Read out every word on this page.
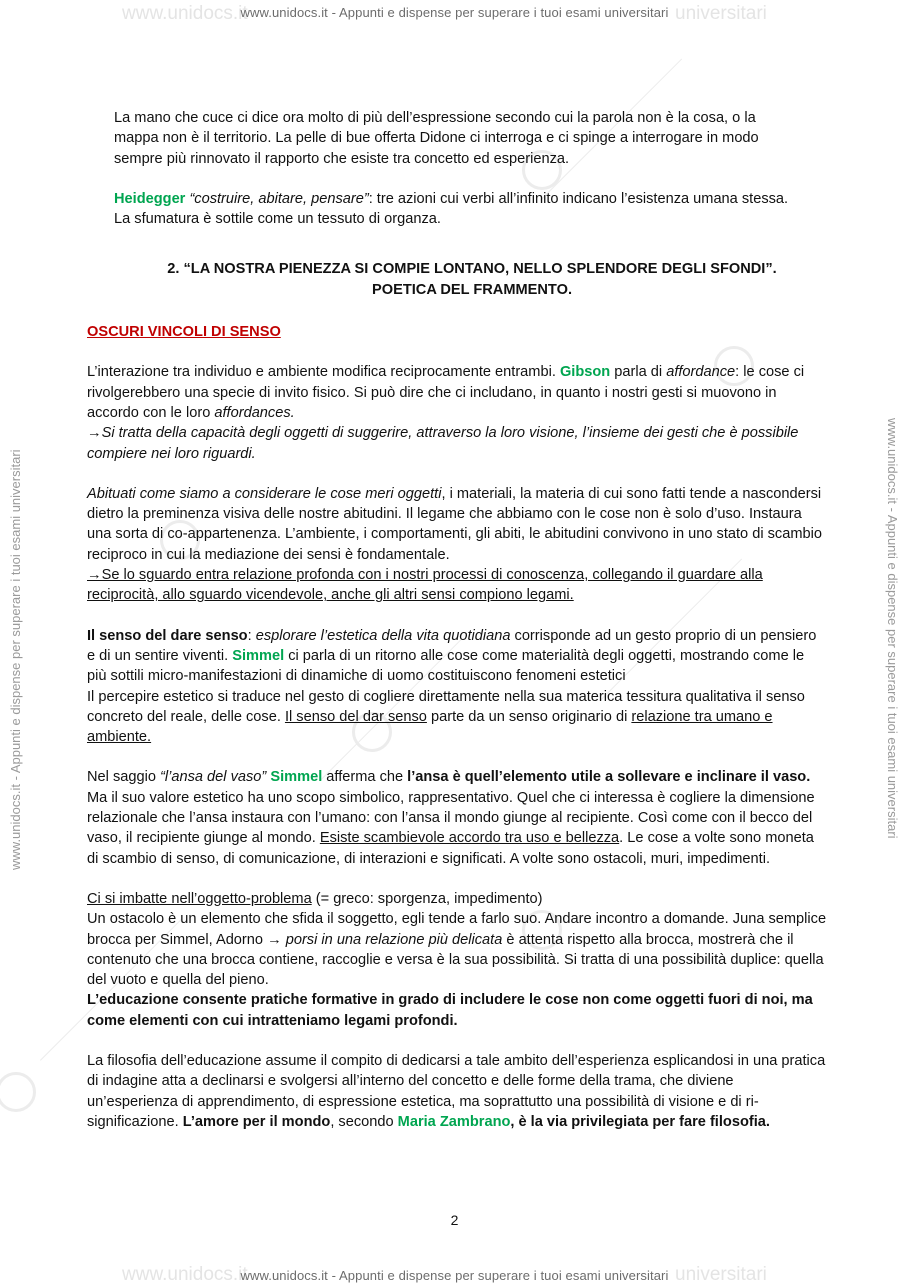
www.unidocs.it	universitari
www.unidocs.it - Appunti e dispense per superare i tuoi esami universitari
www.unidocs.it	universitari
www.unidocs.it - Appunti e dispense per superare i tuoi esami universitari
www.unidocs.it - Appunti e dispense per superare i tuoi esami universitari	www.unidocs.it - Appunti e dispense per superare i tuoi esami universitari

La mano che cuce ci dice ora molto di più dell’espressione secondo cui la parola non è la cosa, o la mappa non è il territorio. La pelle di bue offerta Didone ci interroga e ci spinge a interrogare in modo sempre più rinnovato il rapporto che esiste tra concetto ed esperienza.

Heidegger “costruire, abitare, pensare”: tre azioni cui verbi all’infinito indicano l’esistenza umana stessa. La sfumatura è sottile come un tessuto di organza.

2. “LA NOSTRA PIENEZZA SI COMPIE LONTANO, NELLO SPLENDORE DEGLI SFONDI”.
POETICA DEL FRAMMENTO.

OSCURI VINCOLI DI SENSO

L’interazione tra individuo e ambiente modifica reciprocamente entrambi. Gibson parla di affordance: le cose ci rivolgerebbero una specie di invito fisico. Si può dire che ci includano, in quanto i nostri gesti si muovono in accordo con le loro affordances.
→Si tratta della capacità degli oggetti di suggerire, attraverso la loro visione, l’insieme dei gesti che è possibile compiere nei loro riguardi.

Abituati come siamo a considerare le cose meri oggetti, i materiali, la materia di cui sono fatti tende a nascondersi dietro la preminenza visiva delle nostre abitudini. Il legame che abbiamo con le cose non è solo d’uso. Instaura una sorta di co-appartenenza. L’ambiente, i comportamenti, gli abiti, le abitudini convivono in uno stato di scambio reciproco in cui la mediazione dei sensi è fondamentale.
→Se lo sguardo entra relazione profonda con i nostri processi di conoscenza, collegando il guardare alla reciprocità, allo sguardo vicendevole, anche gli altri sensi compiono legami.

Il senso del dare senso: esplorare l’estetica della vita quotidiana corrisponde ad un gesto proprio di un pensiero e di un sentire viventi. Simmel ci parla di un ritorno alle cose come materialità degli oggetti, mostrando come le più sottili micro-manifestazioni di dinamiche di uomo costituiscono fenomeni estetici
Il percepire estetico si traduce nel gesto di cogliere direttamente nella sua materica tessitura qualitativa il senso concreto del reale, delle cose. Il senso del dar senso parte da un senso originario di relazione tra umano e ambiente.

Nel saggio “l’ansa del vaso” Simmel afferma che l’ansa è quell’elemento utile a sollevare e inclinare il vaso. Ma il suo valore estetico ha uno scopo simbolico, rappresentativo. Quel che ci interessa è cogliere la dimensione relazionale che l’ansa instaura con l’umano: con l’ansa il mondo giunge al recipiente. Così come con il becco del vaso, il recipiente giunge al mondo. Esiste scambievole accordo tra uso e bellezza. Le cose a volte sono moneta di scambio di senso, di comunicazione, di interazioni e significati. A volte sono ostacoli, muri, impedimenti.

Ci si imbatte nell’oggetto-problema (= greco: sporgenza, impedimento)
Un ostacolo è un elemento che sfida il soggetto, egli tende a farlo suo. Andare incontro a domande. Juna semplice brocca per Simmel, Adorno → porsi in una relazione più delicata è attenta rispetto alla brocca, mostrerà che il contenuto che una brocca contiene, raccoglie e versa è la sua possibilità. Si tratta di una possibilità duplice: quella del vuoto e quella del pieno.
L’educazione consente pratiche formative in grado di includere le cose non come oggetti fuori di noi, ma come elementi con cui intratteniamo legami profondi.

La filosofia dell’educazione assume il compito di dedicarsi a tale ambito dell’esperienza esplicandosi in una pratica di indagine atta a declinarsi e svolgersi all’interno del concetto e delle forme della trama, che diviene un’esperienza di apprendimento, di espressione estetica, ma soprattutto una possibilità di visione e di ri-significazione. L’amore per il mondo, secondo Maria Zambrano, è la via privilegiata per fare filosofia.

2
